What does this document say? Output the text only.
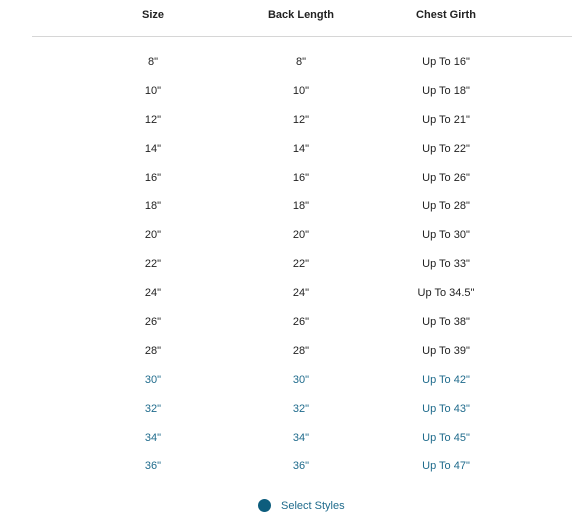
Size	Back Length	Chest Girth
8"	8"	Up To 16"
10"	10"	Up To 18"
12"	12"	Up To 21"
14"	14"	Up To 22"
16"	16"	Up To 26"
18"	18"	Up To 28"
20"	20"	Up To 30"
22"	22"	Up To 33"
24"	24"	Up To 34.5"
26"	26"	Up To 38"
28"	28"	Up To 39"
30"	30"	Up To 42"
32"	32"	Up To 43"
34"	34"	Up To 45"
36"	36"	Up To 47"
Select Styles
